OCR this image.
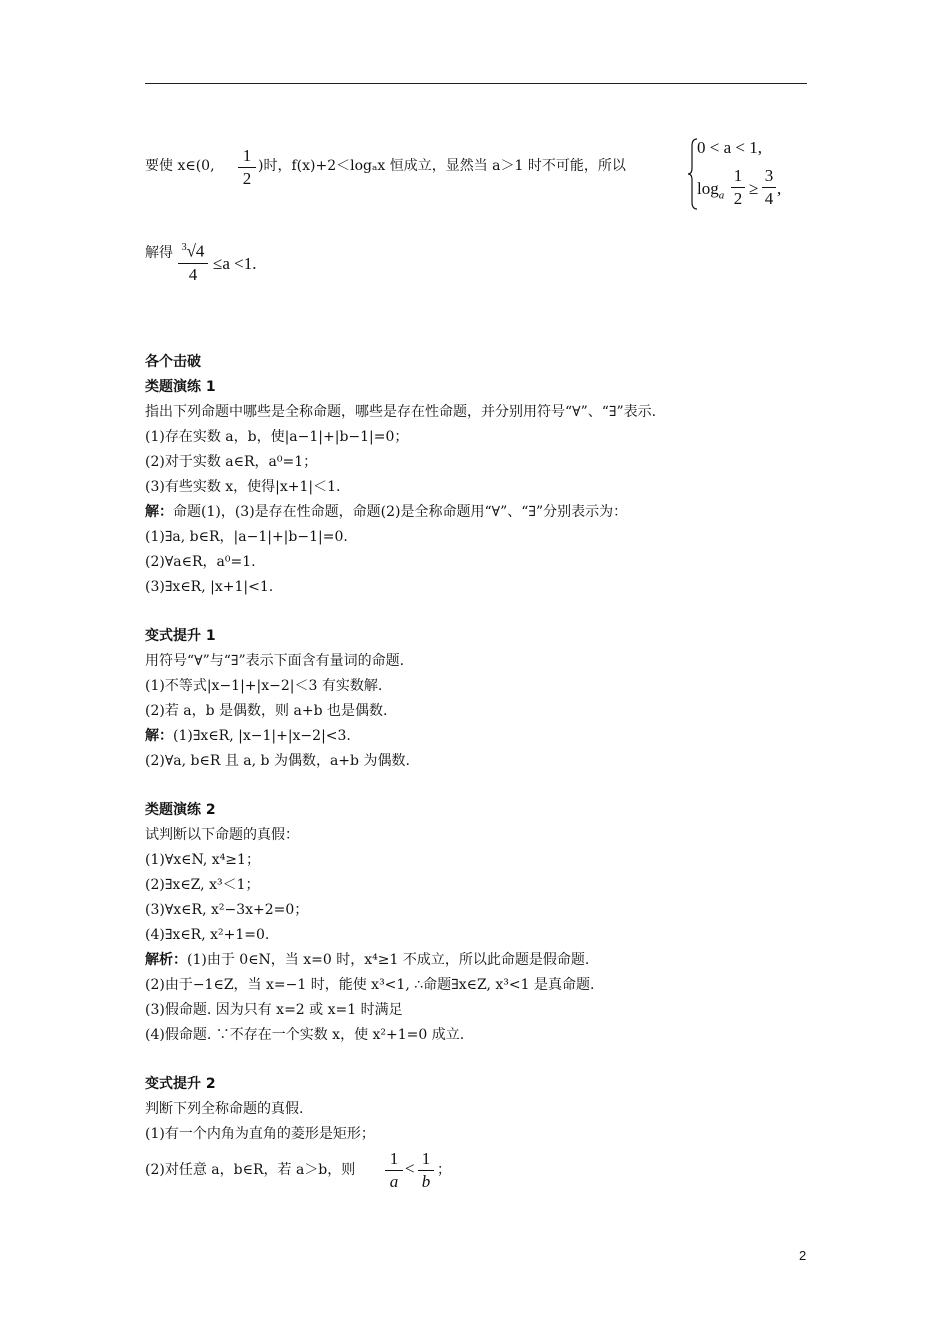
要使 x∈(0,
1
2
)时，f(x)+2＜logₐx 恒成立，显然当 a＞1 时不可能，所以
0 < a < 1,
$\log_a$
1
2
≥
3
4
,
解得 $^3$√4
4
≤a <1.
各个击破
类题演练 1
指出下列命题中哪些是全称命题，哪些是存在性命题，并分别用符号“∀”、“∃”表示.
(1)存在实数 a，b，使|a−1|+|b−1|=0；
(2)对于实数 a∈R，a⁰=1；
(3)有些实数 x，使得|x+1|＜1.
解：命题(1)，(3)是存在性命题，命题(2)是全称命题用“∀”、“∃”分别表示为：
(1)∃a, b∈R，|a−1|+|b−1|=0.
(2)∀a∈R，a⁰=1.
(3)∃x∈R, |x+1|<1.
变式提升 1
用符号“∀”与“∃”表示下面含有量词的命题.
(1)不等式|x−1|+|x−2|＜3 有实数解.
(2)若 a，b 是偶数，则 a+b 也是偶数.
解：(1)∃x∈R, |x−1|+|x−2|<3.
(2)∀a, b∈R 且 a, b 为偶数，a+b 为偶数.
类题演练 2
试判断以下命题的真假：
(1)∀x∈N, x⁴≥1；
(2)∃x∈Z, x³＜1；
(3)∀x∈R, x²−3x+2=0；
(4)∃x∈R, x²+1=0.
解析：(1)由于 0∈N，当 x=0 时，x⁴≥1 不成立，所以此命题是假命题.
(2)由于−1∈Z，当 x=−1 时，能使 x³<1, ∴命题∃x∈Z, x³<1 是真命题.
(3)假命题. 因为只有 x=2 或 x=1 时满足
(4)假命题. ∵不存在一个实数 x，使 x²+1=0 成立.
变式提升 2
判断下列全称命题的真假.
(1)有一个内角为直角的菱形是矩形；
(2)对任意 a，b∈R，若 a＞b，则
1
a
<
1
b
；
2
